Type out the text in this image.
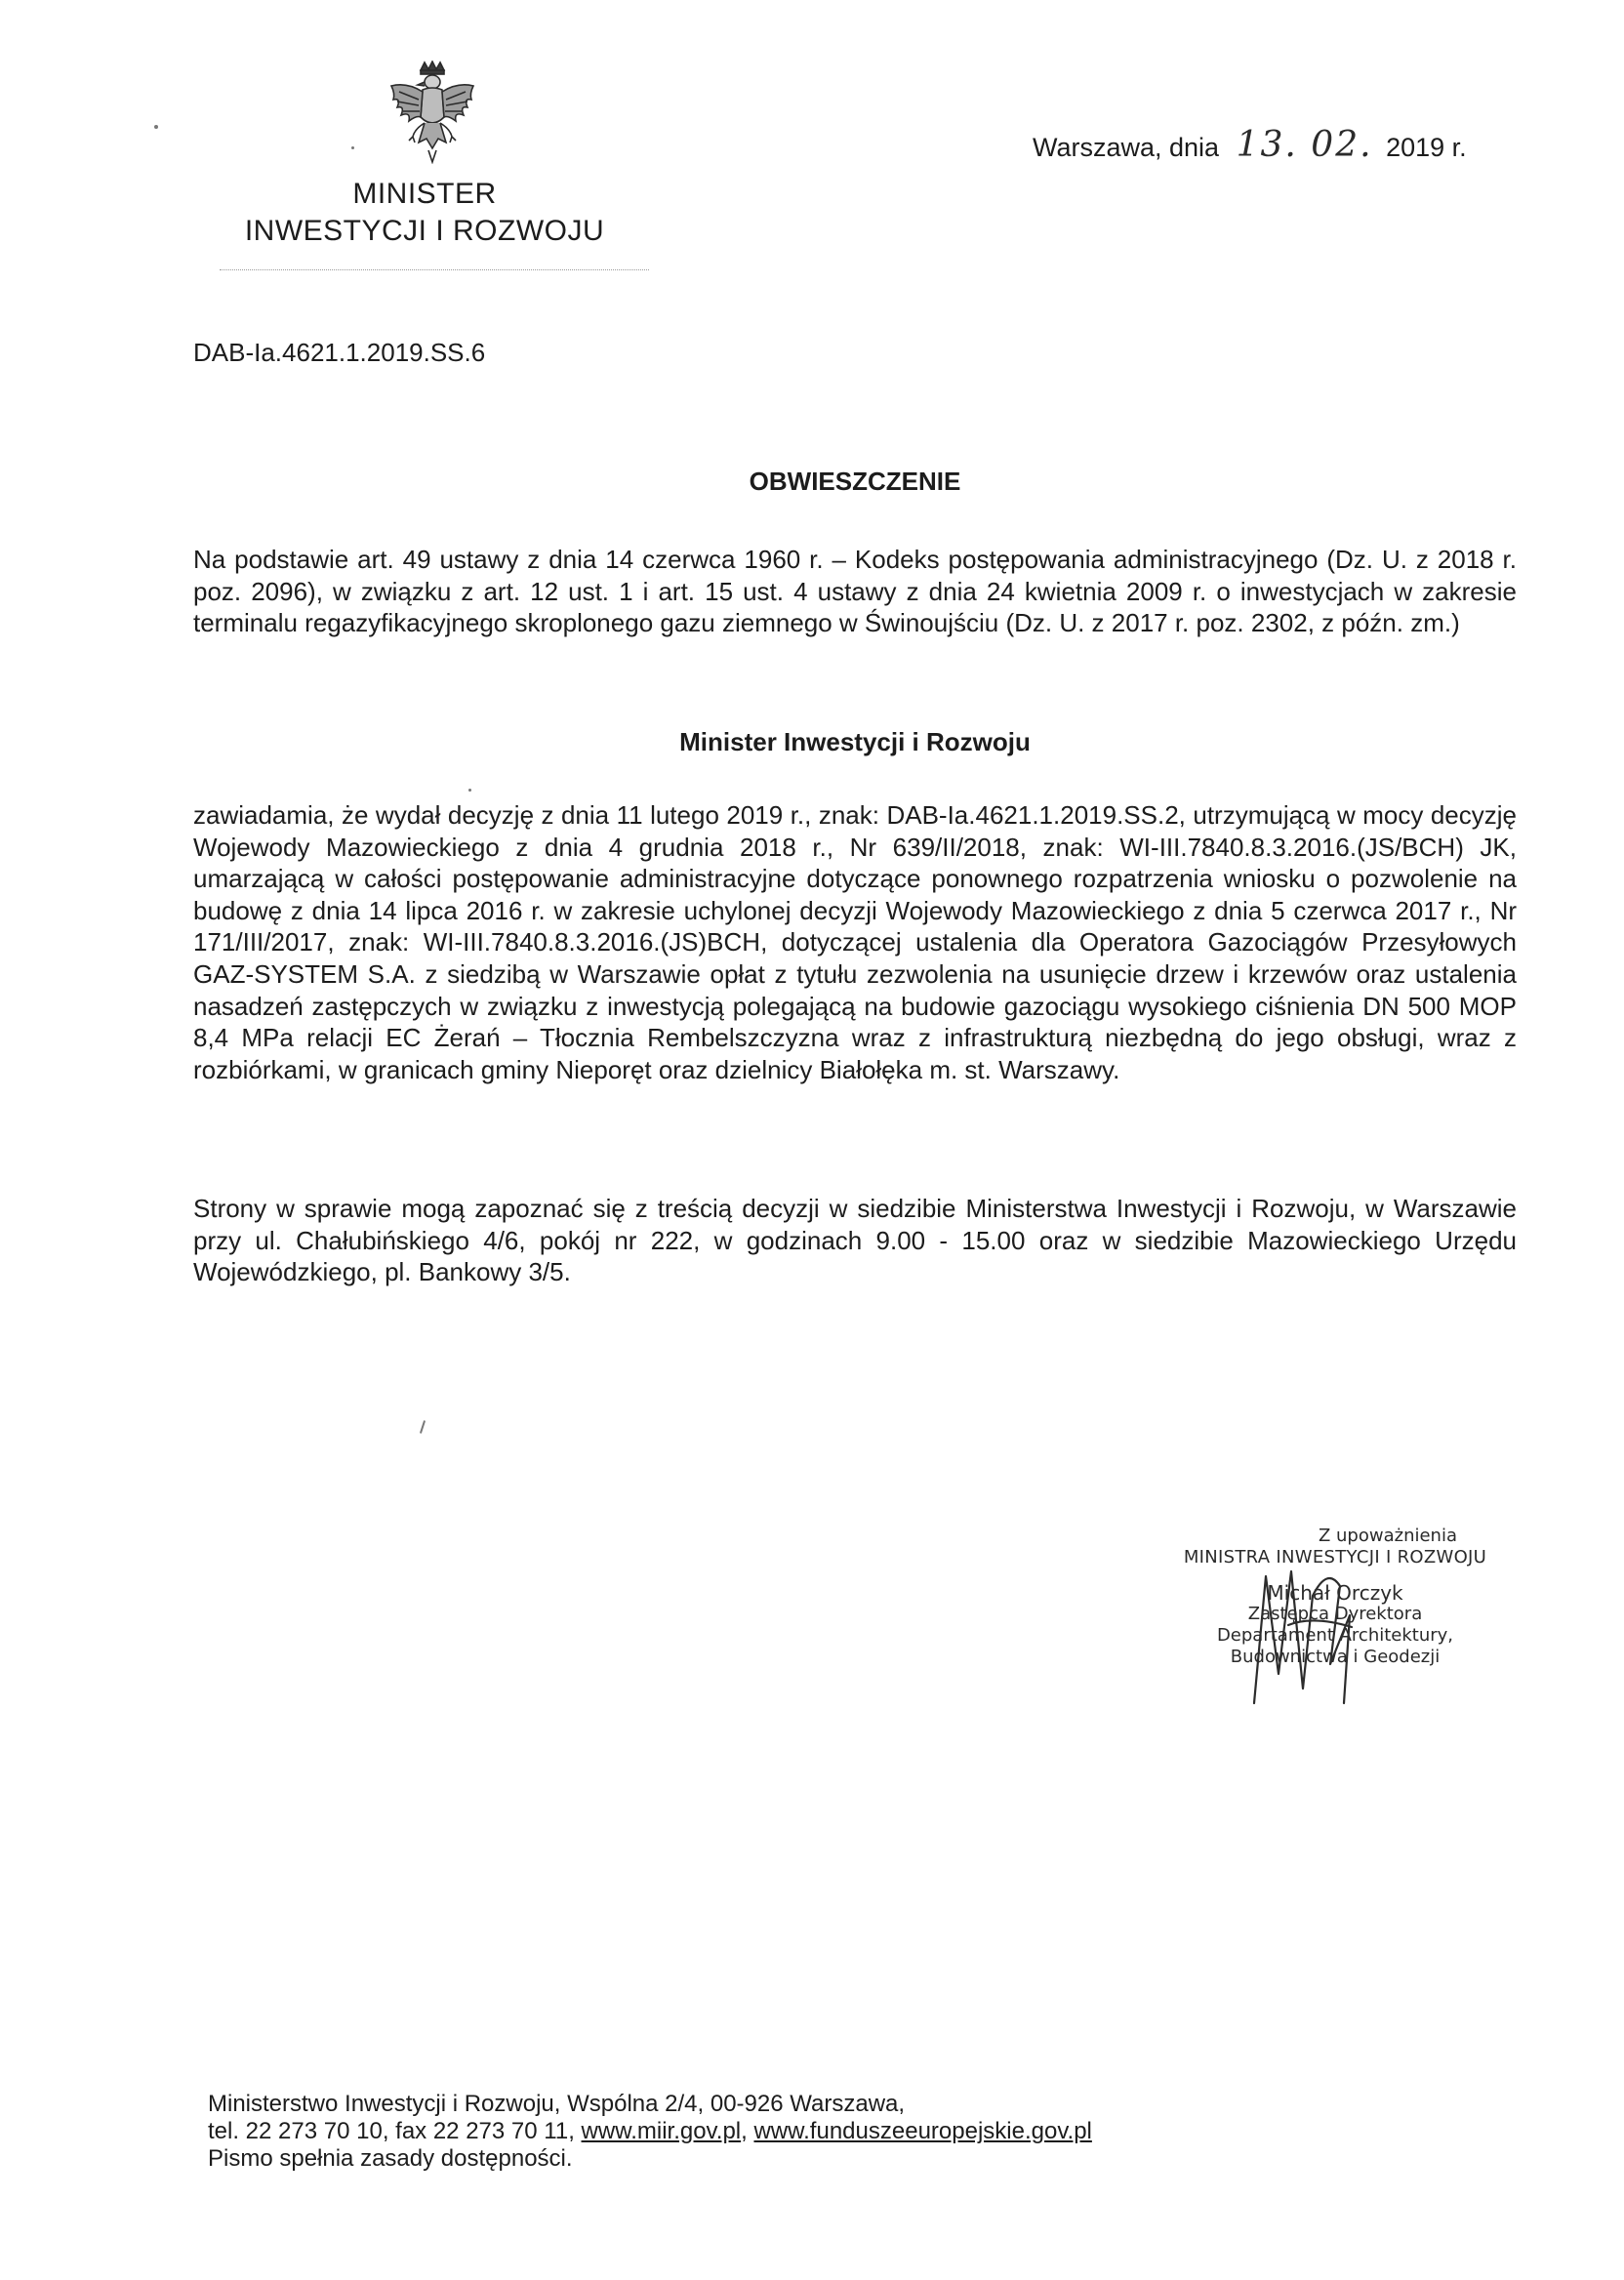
MINISTER
INWESTYCJI I ROZWOJU
Warszawa, dnia 13. 02. 2019 r.
DAB-Ia.4621.1.2019.SS.6
OBWIESZCZENIE
Na podstawie art. 49 ustawy z dnia 14 czerwca 1960 r. – Kodeks postępowania administracyjnego (Dz. U. z 2018 r. poz. 2096), w związku z art. 12 ust. 1 i art. 15 ust. 4 ustawy z dnia 24 kwietnia 2009 r. o inwestycjach w zakresie terminalu regazyfikacyjnego skroplonego gazu ziemnego w Świnoujściu (Dz. U. z 2017 r. poz. 2302, z późn. zm.)
Minister Inwestycji i Rozwoju
zawiadamia, że wydał decyzję z dnia 11 lutego 2019 r., znak: DAB-Ia.4621.1.2019.SS.2, utrzymującą w mocy decyzję Wojewody Mazowieckiego z dnia 4 grudnia 2018 r., Nr 639/II/2018, znak: WI-III.7840.8.3.2016.(JS/BCH) JK, umarzającą w całości postępowanie administracyjne dotyczące ponownego rozpatrzenia wniosku o pozwolenie na budowę z dnia 14 lipca 2016 r. w zakresie uchylonej decyzji Wojewody Mazowieckiego z dnia 5 czerwca 2017 r., Nr 171/III/2017, znak: WI-III.7840.8.3.2016.(JS)BCH, dotyczącej ustalenia dla Operatora Gazociągów Przesyłowych GAZ-SYSTEM S.A. z siedzibą w Warszawie opłat z tytułu zezwolenia na usunięcie drzew i krzewów oraz ustalenia nasadzeń zastępczych w związku z inwestycją polegającą na budowie gazociągu wysokiego ciśnienia DN 500 MOP 8,4 MPa relacji EC Żerań – Tłocznia Rembelszczyzna wraz z infrastrukturą niezbędną do jego obsługi, wraz z rozbiórkami, w granicach gminy Nieporęt oraz dzielnicy Białołęka m. st. Warszawy.
Strony w sprawie mogą zapoznać się z treścią decyzji w siedzibie Ministerstwa Inwestycji i Rozwoju, w Warszawie przy ul. Chałubińskiego 4/6, pokój nr 222, w godzinach 9.00 - 15.00 oraz w siedzibie Mazowieckiego Urzędu Wojewódzkiego, pl. Bankowy 3/5.
Z upoważnienia
MINISTRA INWESTYCJI I ROZWOJU
Michał Orczyk
Zastępca Dyrektora
Departament Architektury,
Budownictwa i Geodezji
Ministerstwo Inwestycji i Rozwoju, Wspólna 2/4, 00-926 Warszawa,
tel. 22 273 70 10, fax 22 273 70 11, www.miir.gov.pl, www.funduszeeuropejskie.gov.pl
Pismo spełnia zasady dostępności.
